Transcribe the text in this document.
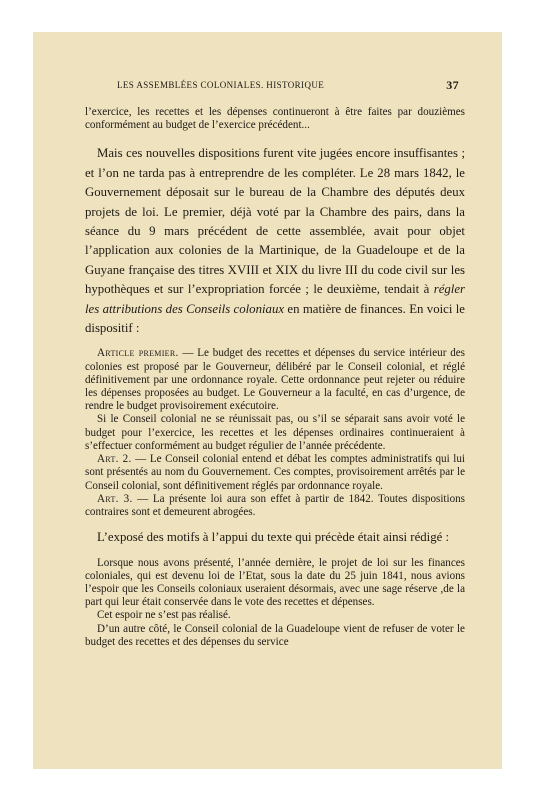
LES ASSEMBLÉES COLONIALES. HISTORIQUE	37

l’exercice, les recettes et les dépenses continueront à être faites par douzièmes conformément au budget de l’exercice précédent...

Mais ces nouvelles dispositions furent vite jugées encore insuffisantes ; et l’on ne tarda pas à entreprendre de les compléter. Le 28 mars 1842, le Gouvernement déposait sur le bureau de la Chambre des députés deux projets de loi. Le premier, déjà voté par la Chambre des pairs, dans la séance du 9 mars précédent de cette assemblée, avait pour objet l’application aux colonies de la Martinique, de la Guadeloupe et de la Guyane française des titres XVIII et XIX du livre III du code civil sur les hypothèques et sur l’expropriation forcée ; le deuxième, tendait à régler les attributions des Conseils coloniaux en matière de finances. En voici le dispositif :

Article premier. — Le budget des recettes et dépenses du service intérieur des colonies est proposé par le Gouverneur, délibéré par le Conseil colonial, et réglé définitivement par une ordonnance royale. Cette ordonnance peut rejeter ou réduire les dépenses proposées au budget. Le Gouverneur a la faculté, en cas d’urgence, de rendre le budget provisoirement exécutoire.

Si le Conseil colonial ne se réunissait pas, ou s’il se séparait sans avoir voté le budget pour l’exercice, les recettes et les dépenses ordinaires continueraient à s’effectuer conformément au budget régulier de l’année précédente.

Art. 2. — Le Conseil colonial entend et débat les comptes administratifs qui lui sont présentés au nom du Gouvernement. Ces comptes, provisoirement arrêtés par le Conseil colonial, sont définitivement réglés par ordonnance royale.

Art. 3. — La présente loi aura son effet à partir de 1842. Toutes dispositions contraires sont et demeurent abrogées.

L’exposé des motifs à l’appui du texte qui précède était ainsi rédigé :

Lorsque nous avons présenté, l’année dernière, le projet de loi sur les finances coloniales, qui est devenu loi de l’Etat, sous la date du 25 juin 1841, nous avions l’espoir que les Conseils coloniaux useraient désormais, avec une sage réserve ,de la part qui leur était conservée dans le vote des recettes et dépenses.

Cet espoir ne s’est pas réalisé.

D’un autre côté, le Conseil colonial de la Guadeloupe vient de refuser de voter le budget des recettes et des dépenses du service
